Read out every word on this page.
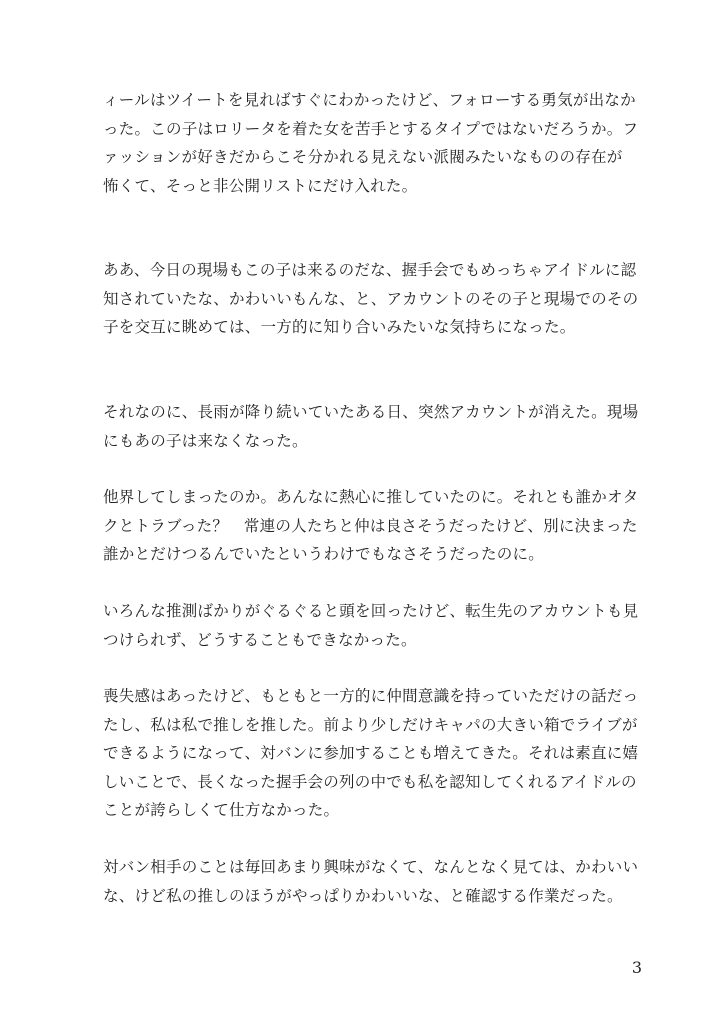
ィールはツイートを見ればすぐにわかったけど、フォローする勇気が出なか
った。この子はロリータを着た女を苦手とするタイプではないだろうか。フ
ァッションが好きだからこそ分かれる見えない派閥みたいなものの存在が
怖くて、そっと非公開リストにだけ入れた。
ああ、今日の現場もこの子は来るのだな、握手会でもめっちゃアイドルに認
知されていたな、かわいいもんな、と、アカウントのその子と現場でのその
子を交互に眺めては、一方的に知り合いみたいな気持ちになった。
それなのに、長雨が降り続いていたある日、突然アカウントが消えた。現場
にもあの子は来なくなった。
他界してしまったのか。あんなに熱心に推していたのに。それとも誰かオタ
クとトラブった？　常連の人たちと仲は良さそうだったけど、別に決まった
誰かとだけつるんでいたというわけでもなさそうだったのに。
いろんな推測ばかりがぐるぐると頭を回ったけど、転生先のアカウントも見
つけられず、どうすることもできなかった。
喪失感はあったけど、もともと一方的に仲間意識を持っていただけの話だっ
たし、私は私で推しを推した。前より少しだけキャパの大きい箱でライブが
できるようになって、対バンに参加することも増えてきた。それは素直に嬉
しいことで、長くなった握手会の列の中でも私を認知してくれるアイドルの
ことが誇らしくて仕方なかった。
対バン相手のことは毎回あまり興味がなくて、なんとなく見ては、かわいい
な、けど私の推しのほうがやっぱりかわいいな、と確認する作業だった。
3
